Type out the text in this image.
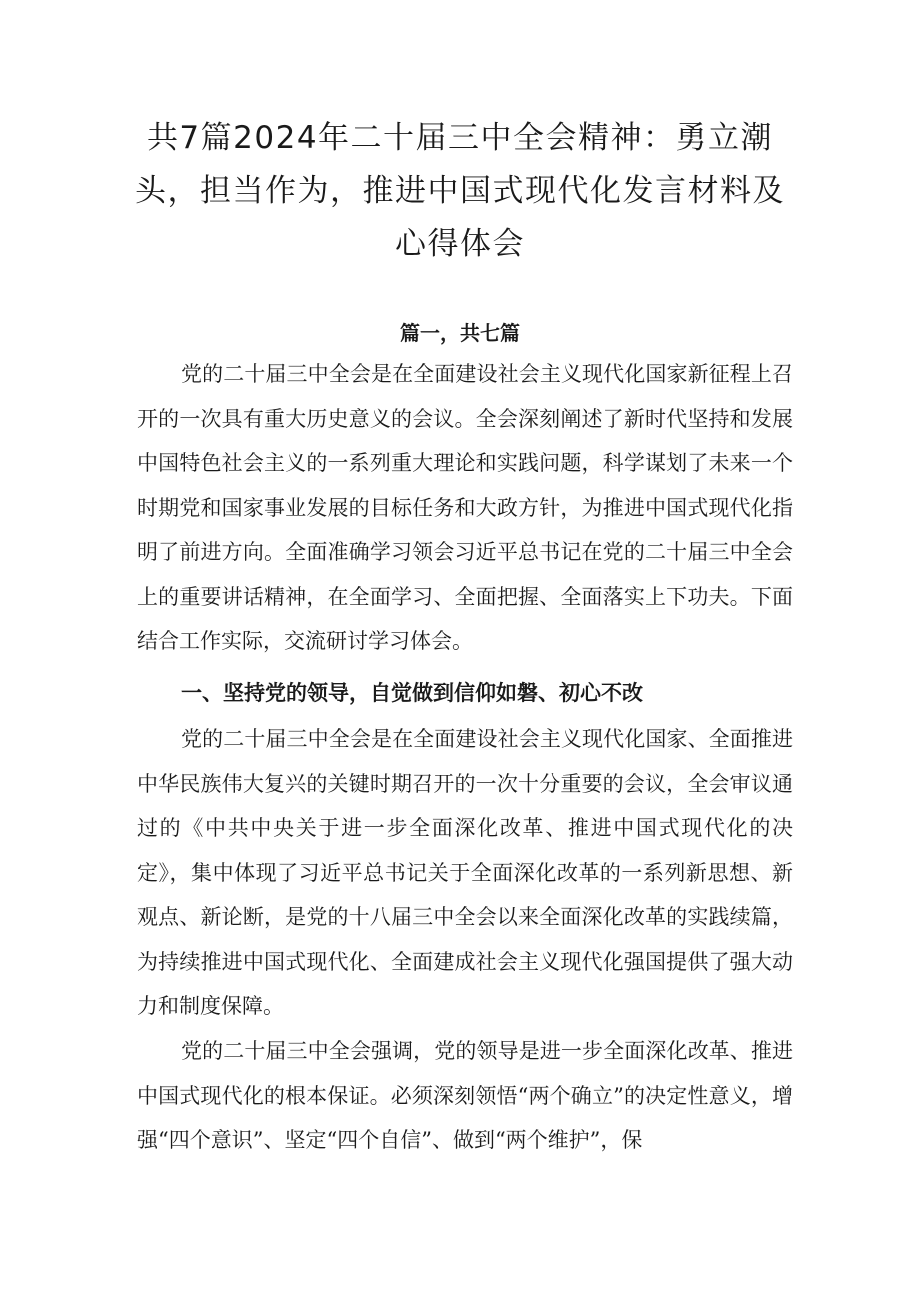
共7篇2024年二十届三中全会精神：勇立潮头，担当作为，推进中国式现代化发言材料及心得体会
篇一，共七篇

党的二十届三中全会是在全面建设社会主义现代化国家新征程上召开的一次具有重大历史意义的会议。全会深刻阐述了新时代坚持和发展中国特色社会主义的一系列重大理论和实践问题，科学谋划了未来一个时期党和国家事业发展的目标任务和大政方针，为推进中国式现代化指明了前进方向。全面准确学习领会习近平总书记在党的二十届三中全会上的重要讲话精神，在全面学习、全面把握、全面落实上下功夫。下面结合工作实际，交流研讨学习体会。

一、坚持党的领导，自觉做到信仰如磐、初心不改

党的二十届三中全会是在全面建设社会主义现代化国家、全面推进中华民族伟大复兴的关键时期召开的一次十分重要的会议，全会审议通过的《中共中央关于进一步全面深化改革、推进中国式现代化的决定》，集中体现了习近平总书记关于全面深化改革的一系列新思想、新观点、新论断，是党的十八届三中全会以来全面深化改革的实践续篇，为持续推进中国式现代化、全面建成社会主义现代化强国提供了强大动力和制度保障。

党的二十届三中全会强调，党的领导是进一步全面深化改革、推进中国式现代化的根本保证。必须深刻领悟“两个确立”的决定性意义，增强“四个意识”、坚定“四个自信”、做到“两个维护”，保
